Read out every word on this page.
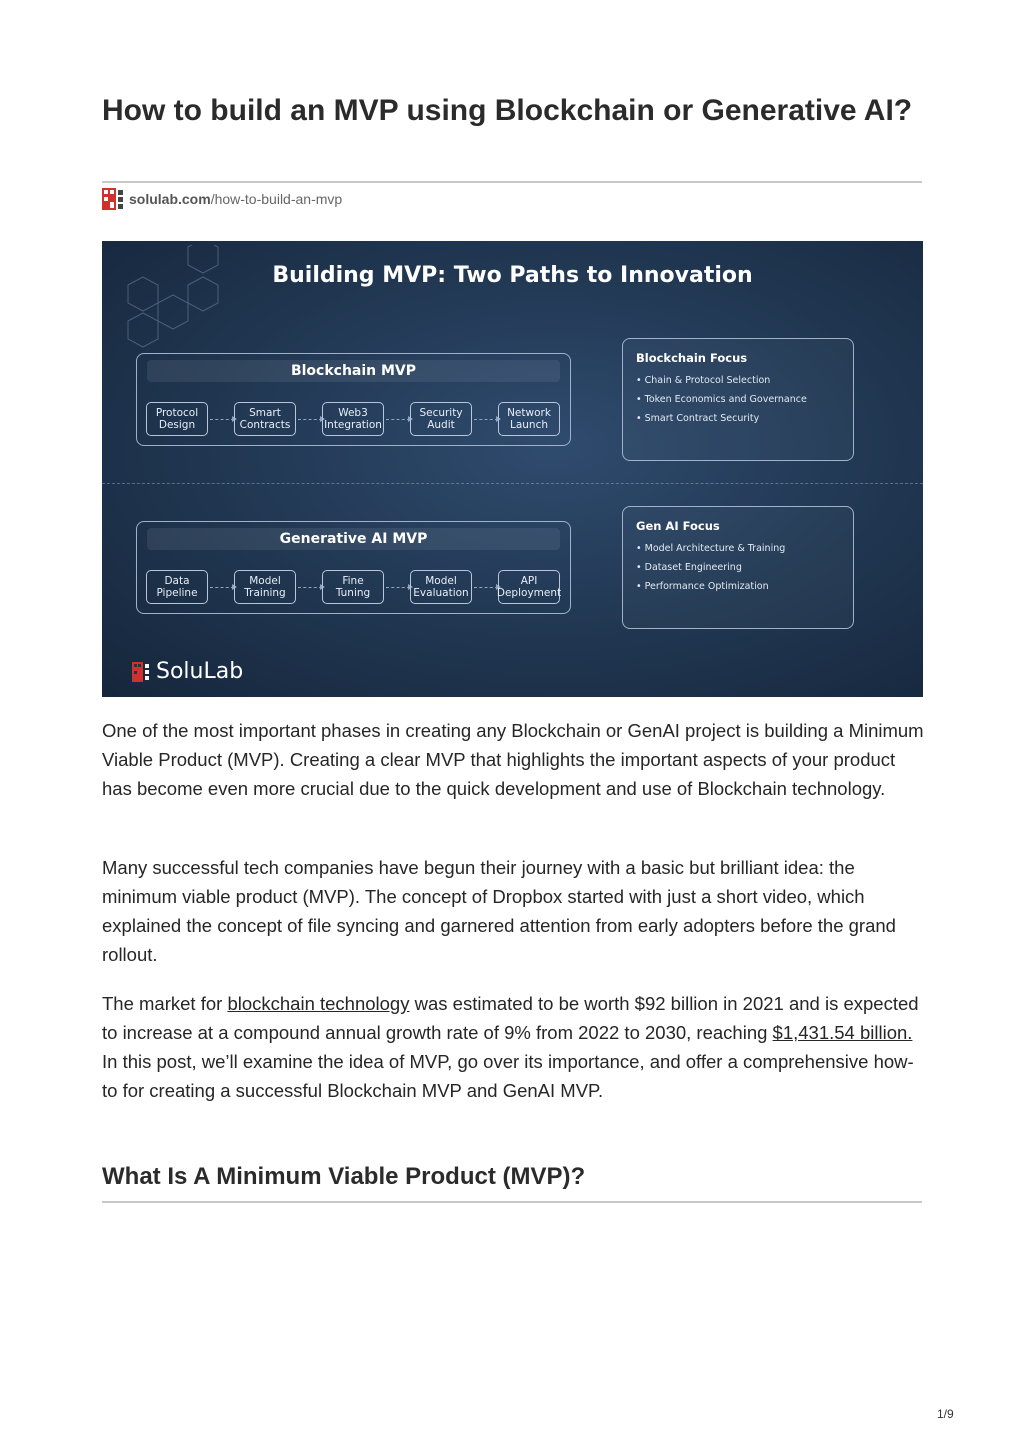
How to build an MVP using Blockchain or Generative AI?
solulab.com/how-to-build-an-mvp
Building MVP: Two Paths to Innovation
Blockchain MVP
Protocol
Design
Smart
Contracts
Web3
Integration
Security
Audit
Network
Launch
Blockchain Focus
• Chain & Protocol Selection
• Token Economics and Governance
• Smart Contract Security
Generative AI MVP
Data
Pipeline
Model
Training
Fine
Tuning
Model
Evaluation
API
Deployment
Gen AI Focus
• Model Architecture & Training
• Dataset Engineering
• Performance Optimization
SoluLab

One of the most important phases in creating any Blockchain or GenAI project is building a Minimum Viable Product (MVP). Creating a clear MVP that highlights the important aspects of your product has become even more crucial due to the quick development and use of Blockchain technology.

Many successful tech companies have begun their journey with a basic but brilliant idea: the minimum viable product (MVP). The concept of Dropbox started with just a short video, which explained the concept of file syncing and garnered attention from early adopters before the grand rollout.

The market for blockchain technology was estimated to be worth $92 billion in 2021 and is expected to increase at a compound annual growth rate of 9% from 2022 to 2030, reaching $1,431.54 billion. In this post, we’ll examine the idea of MVP, go over its importance, and offer a comprehensive how-to for creating a successful Blockchain MVP and GenAI MVP.

What Is A Minimum Viable Product (MVP)?
1/9
